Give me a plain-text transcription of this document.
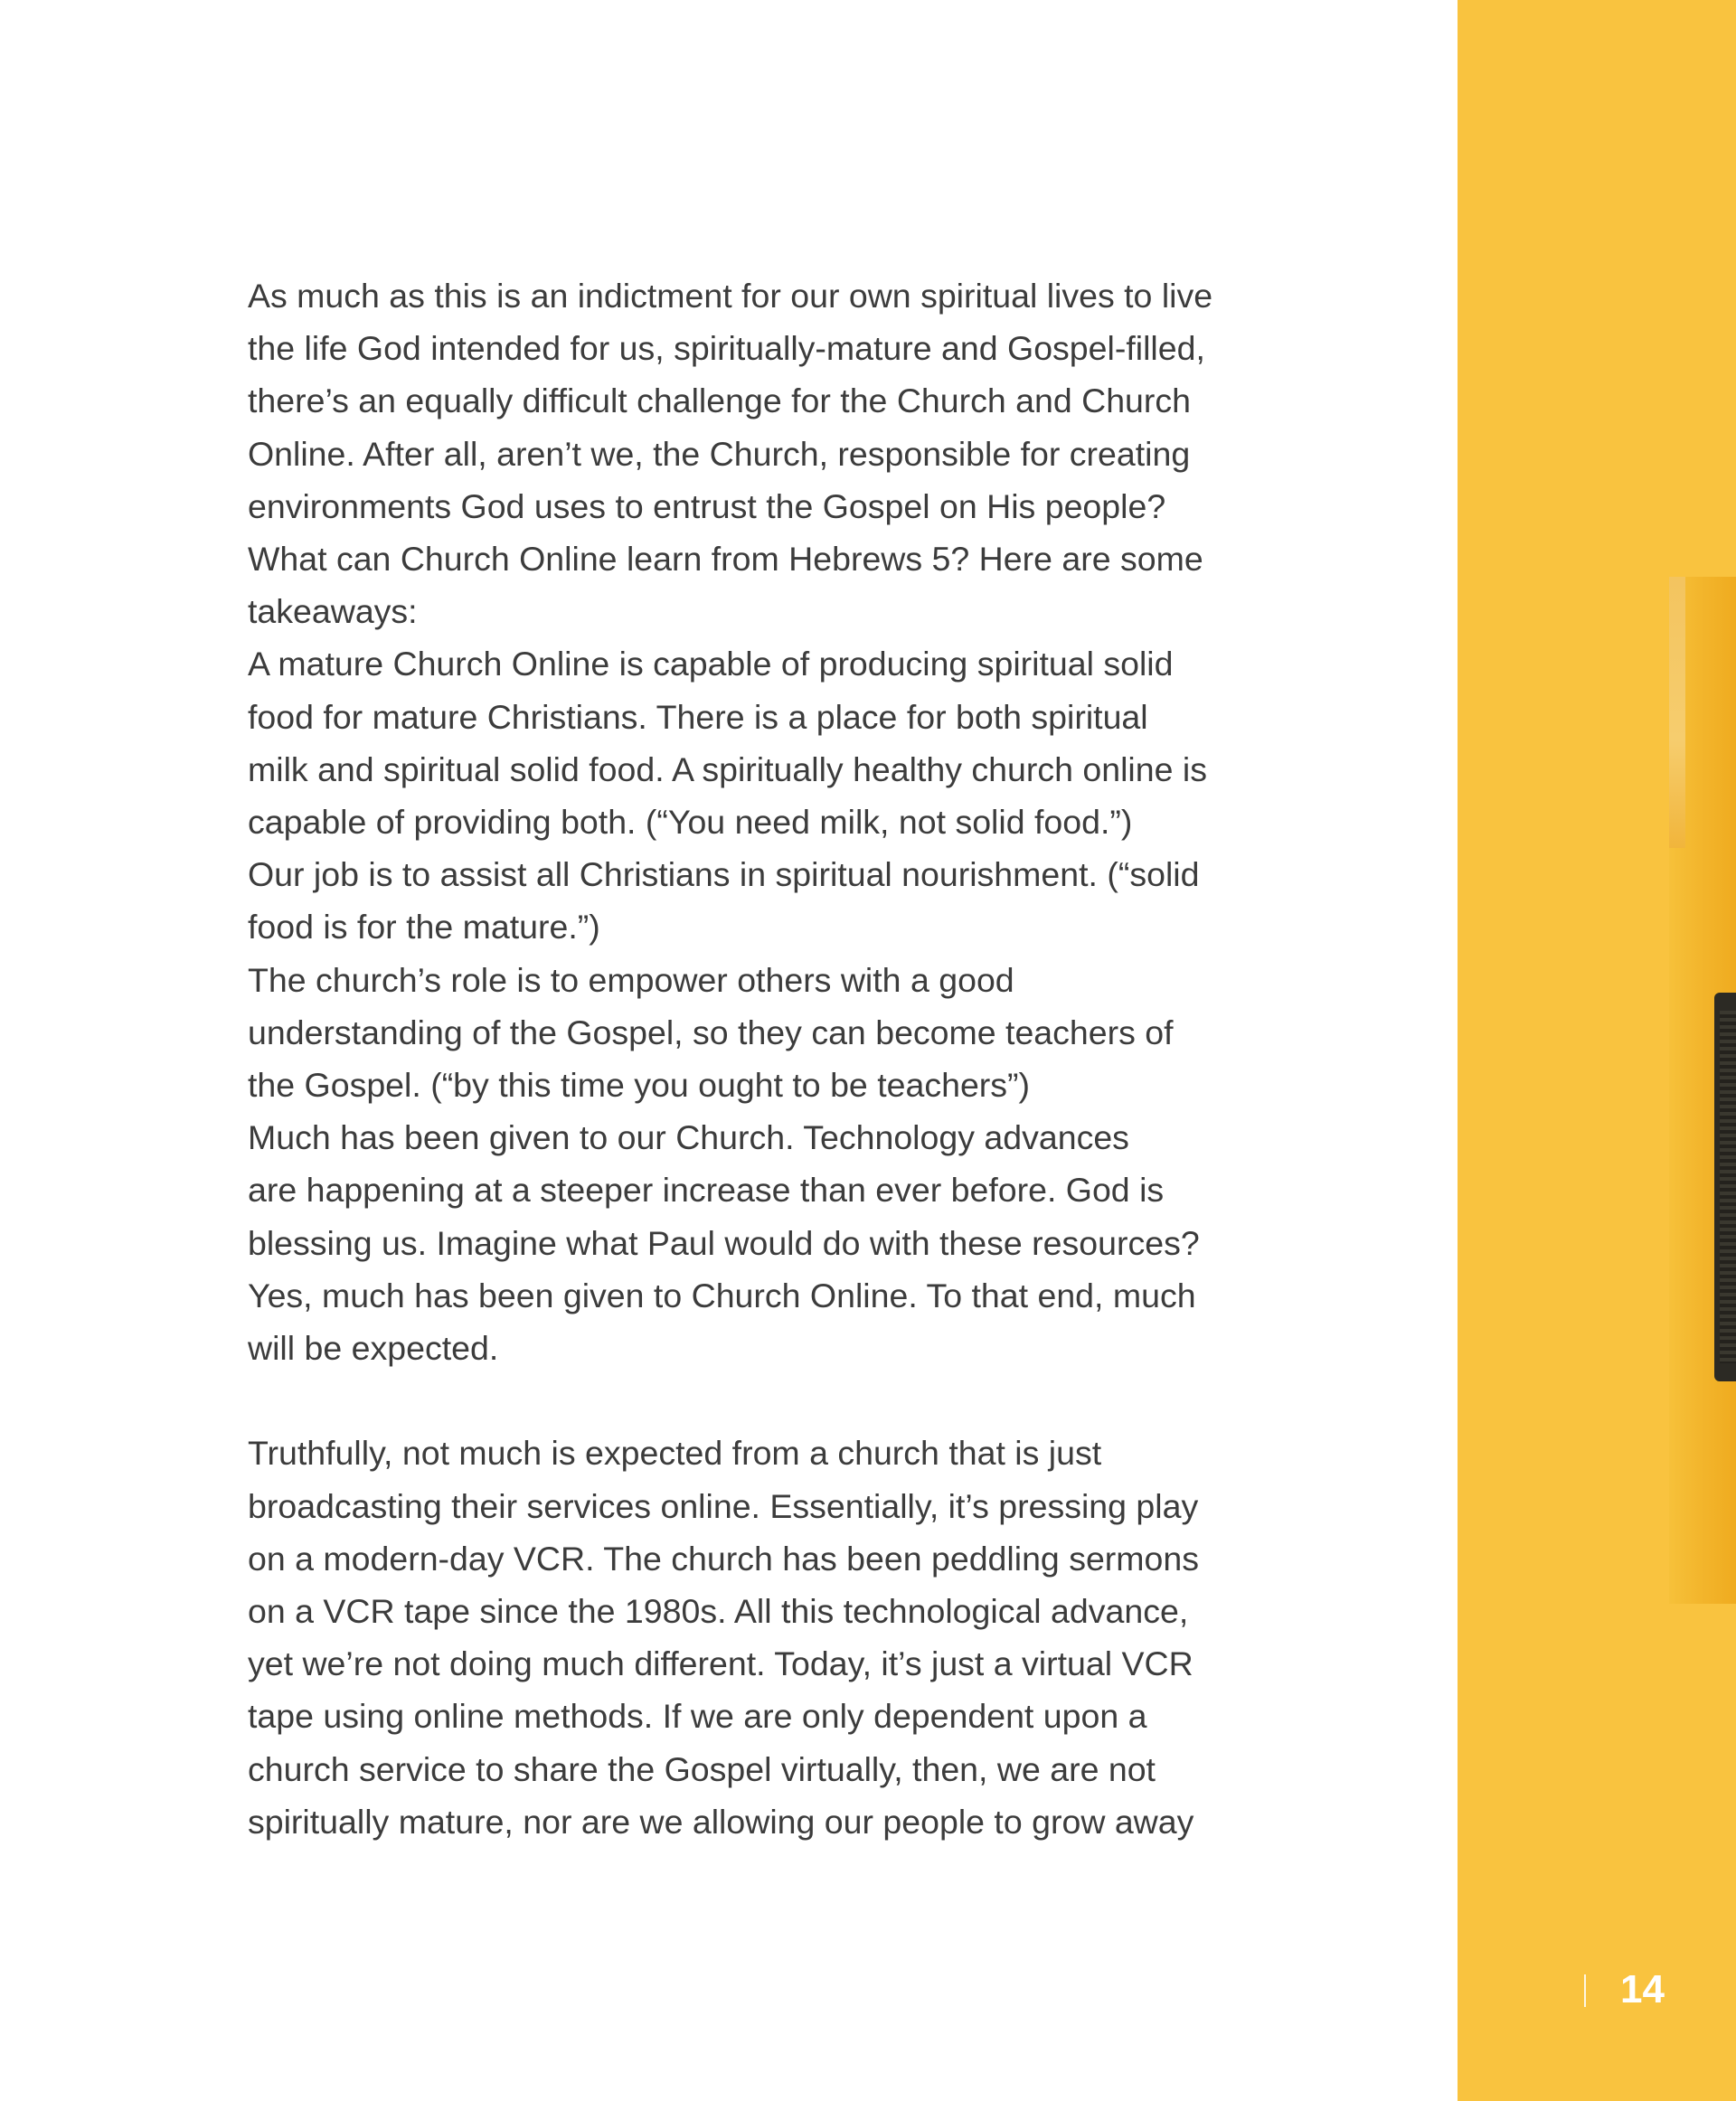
As much as this is an indictment for our own spiritual lives to live
the life God intended for us, spiritually-mature and Gospel-filled,
there’s an equally difficult challenge for the Church and Church
Online. After all, aren’t we, the Church, responsible for creating
environments God uses to entrust the Gospel on His people?
What can Church Online learn from Hebrews 5? Here are some
takeaways:
A mature Church Online is capable of producing spiritual solid
food for mature Christians. There is a place for both spiritual
milk and spiritual solid food. A spiritually healthy church online is
capable of providing both. (“You need milk, not solid food.”)
Our job is to assist all Christians in spiritual nourishment. (“solid
food is for the mature.”)
The church’s role is to empower others with a good
understanding of the Gospel, so they can become teachers of
the Gospel. (“by this time you ought to be teachers”)
Much has been given to our Church. Technology advances
are happening at a steeper increase than ever before. God is
blessing us. Imagine what Paul would do with these resources?
Yes, much has been given to Church Online. To that end, much
will be expected.
Truthfully, not much is expected from a church that is just
broadcasting their services online. Essentially, it’s pressing play
on a modern-day VCR. The church has been peddling sermons
on a VCR tape since the 1980s. All this technological advance,
yet we’re not doing much different. Today, it’s just a virtual VCR
tape using online methods. If we are only dependent upon a
church service to share the Gospel virtually, then, we are not
spiritually mature, nor are we allowing our people to grow away
14
